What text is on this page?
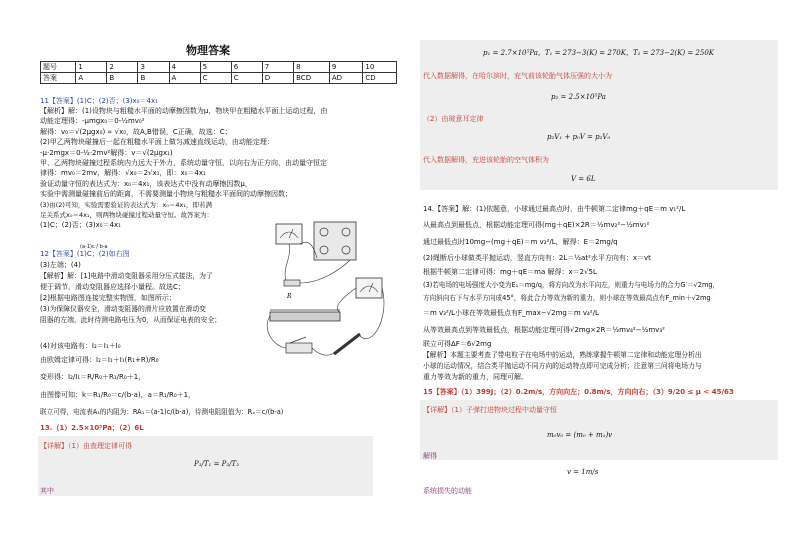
物理答案
题号	1	2	3	4	5	6	7	8	9	10
答案	A	B	B	A	C	C	D	BCD	AD	CD
11【答案】(1)C；(2)否；(3)x₀＝4x₁
【解析】解：(1)设物块与粗糙水平面的动摩擦因数为μ，物块甲在粗糙水平面上运动过程，由
动能定理得：-μmgx₀＝0-½mv₀²
解得：v₀＝√(2μgx₀) ∝ √x₀，故A,B错误，C正确，故选：C；
(2)甲乙两物块碰撞后一起在粗糙水平面上做匀减速直线运动，由动能定理：
-μ·2mgx＝0-½·2mv²解得：v＝√(2μgx₁)
甲、乙两物块碰撞过程系统内力远大于外力，系统动量守恒，以向右为正方向，由动量守恒定
律得：mv₀＝2mv，解得：√x₀＝2√x₁，即：x₀＝4x₁
验证动量守恒的表达式为：x₀＝4x₁，该表达式中没有动摩擦因数μ，
实验中需测量碰撞前后的距离，不需要测量小物块与粗糙水平面间的动摩擦因数；
(3)由(2)可知，实验需要验证的表达式为：x₀＝4x₁，即若满
足关系式x₀＝4x₁，则两物块碰撞过程动量守恒。故答案为：
(1)C；(2)否；(3)x₀＝4x₁
12【答案】(1)C；(2)如右图
(a-1)c / b-a
(3)左端；(4)
【解析】解：[1]电路中滑动变阻器采用分压式接法，为了
便于调节，滑动变阻器应选择小量程。故选C；
[2]根据电路图连接完整实物图，如图所示；
(3)为保障仪器安全，滑动变阻器的滑片应放置在滑动变
阻器的左端，此时待测电路电压为0，从而保证电表的安全；
(4)对该电路有：I₂＝I₁＋I₀
由欧姆定律可得：I₂＝I₁＋I₁(R₁+R)/R₀
变形得：I₂/I₁＝R/R₀＋R₁/R₀＋1，
由图像可知：k＝R₁/R₀＝c/(b-a)，a＝R₁/R₀＋1，
联立可得，电流表A₁的内阻为：RA₁＝(a-1)c/(b-a)，待测电阻阻值为：Rₓ＝c/(b-a)
R
13.（1）2.5×10⁵Pa；（2）6L
【详解】（1）由查理定律可得
P₁/T₁ = P₂/T₂
其中
p₁ = 2.7×10⁵Pa，T₁ = 273−3(K) = 270K，T₂ = 273−2(K) = 250K
代入数据解得，在哈尔滨时，充气前该轮胎气体压强的大小为
p₂ = 2.5×10⁵Pa
（2）由玻意耳定律
p₂V₁ + p₀V = p₂V₀
代入数据解得，充进该轮胎的空气体积为
V = 6L
14.【答案】解：(1)依题意，小球通过最高点时，由牛顿第二定律mg＋qE＝m v₁²/L
从最高点到最低点，根据动能定理可得(mg＋qE)×2R＝½mv₂²−½mv₁²
通过最低点时10mg−(mg＋qE)＝m v₂²/L，解得：E＝2mg/q
(2)绳断后小球做类平抛运动，竖直方向有：2L＝½at²水平方向有：x＝vt
根据牛顿第二定律可得：mg＋qE＝ma 解得：x＝2√5L
(3)若电场的电场强度大小变为E₁＝mg/q，将方向改为水平向左，则重力与电场力的合力G′＝√2mg，
方向斜向右下与水平方向成45°，将此合力等效为新的重力，则小球在等效最高点有F_min＋√2mg
＝m v₃²/L小球在等效最低点有F_max−√2mg＝m v₄²/L
从等效最高点到等效最低点，根据动能定理可得√2mg×2R＝½mv₄²−½mv₃²
联立可得ΔF＝6√2mg
【解析】本题主要考查了带电粒子在电场中的运动，熟练掌握牛顿第二定律和动能定理分析出
小球的运动情况，结合类平抛运动不同方向的运动特点即可完成分析；注意第三问将电场力与
重力等效为新的重力，同理可解。
15【答案】（1）399J；（2）0.2m/s，方向向左；0.8m/s，方向向右；（3）9/20 ≤ μ < 45/63
【详解】（1）子弹打进物块过程中动量守恒
m₀v₀ = (m₀ + m₁)v
解得
v = 1m/s
系统损失的动能
